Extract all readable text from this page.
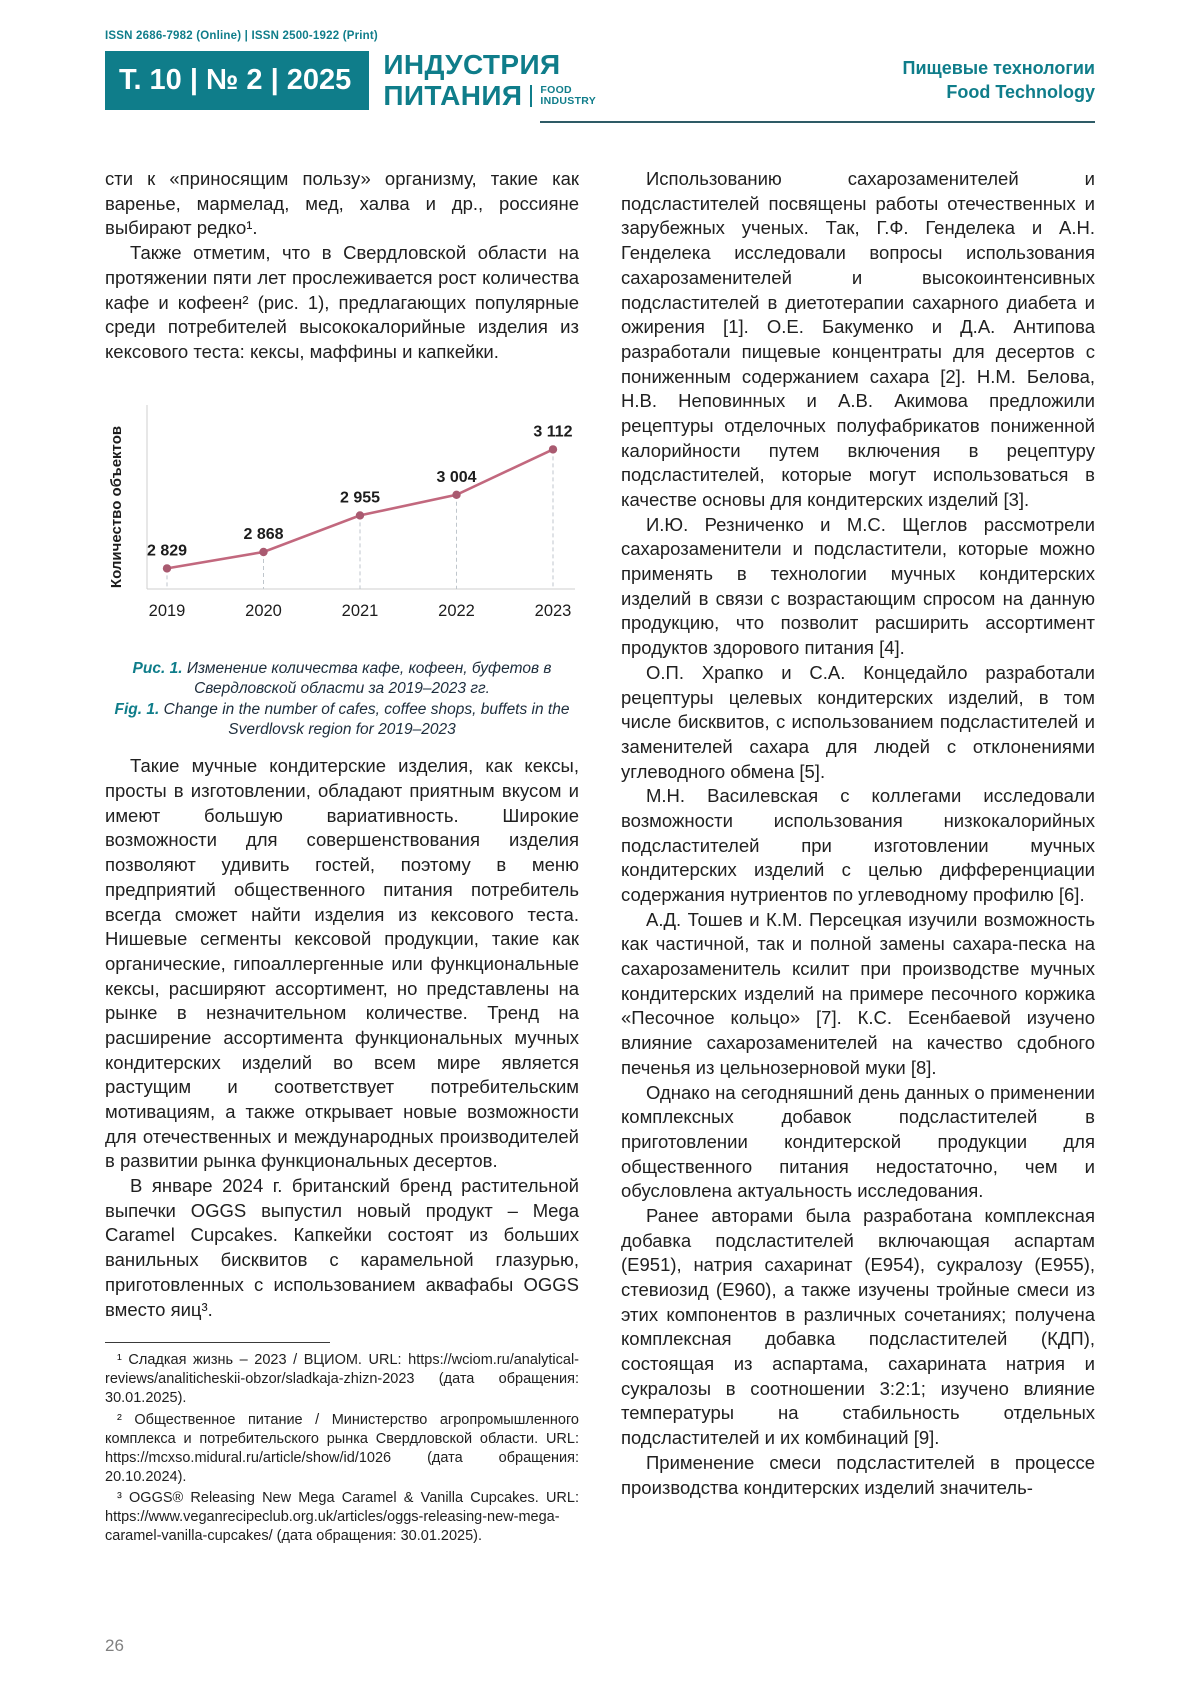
ISSN 2686-7982 (Online) | ISSN 2500-1922 (Print)
Т. 10 | № 2 | 2025	ИНДУСТРИЯ
ПИТАНИЯ FOOD
INDUSTRY
Пищевые технологии
Food Technology

сти к «приносящим пользу» организму, такие как варенье, мармелад, мед, халва и др., россияне выбирают редко¹.

Также отметим, что в Свердловской области на протяжении пяти лет прослеживается рост количества кафе и кофеен² (рис. 1), предлагающих популярные среди потребителей высококалорийные изделия из кексового теста: кексы, маффины и капкейки.

2 829
2 868
2 955
3 004
3 112
2019	2020	2021	2022	2023
Количество объектов
Рис. 1. Изменение количества кафе, кофеен, буфетов в Свердловской области за 2019–2023 гг.
Fig. 1. Change in the number of cafes, coffee shops, buffets in the Sverdlovsk region for 2019–2023

Такие мучные кондитерские изделия, как кексы, просты в изготовлении, обладают приятным вкусом и имеют большую вариативность. Широкие возможности для совершенствования изделия позволяют удивить гостей, поэтому в меню предприятий общественного питания потребитель всегда сможет найти изделия из кексового теста. Нишевые сегменты кексовой продукции, такие как органические, гипоаллергенные или функциональные кексы, расширяют ассортимент, но представлены на рынке в незначительном количестве. Тренд на расширение ассортимента функциональных мучных кондитерских изделий во всем мире является растущим и соответствует потребительским мотивациям, а также открывает новые возможности для отечественных и международных производителей в развитии рынка функциональных десертов.

В январе 2024 г. британский бренд растительной выпечки OGGS выпустил новый продукт – Mega Caramel Cupcakes. Капкейки состоят из больших ванильных бисквитов с карамельной глазурью, приготовленных с использованием аквафабы OGGS вместо яиц³.

¹ Сладкая жизнь – 2023 / ВЦИОМ. URL: https://wciom.ru/analytical-reviews/analiticheskii-obzor/sladkaja-zhizn-2023 (дата обращения: 30.01.2025).

² Общественное питание / Министерство агропромышленного комплекса и потребительского рынка Свердловской области. URL: https://mcxso.midural.ru/article/show/id/1026 (дата обращения: 20.10.2024).

³ OGGS® Releasing New Mega Caramel & Vanilla Cupcakes. URL: https://www.veganrecipeclub.org.uk/articles/oggs-releasing-new-mega-caramel-vanilla-cupcakes/ (дата обращения: 30.01.2025).

Использованию сахарозаменителей и подсластителей посвящены работы отечественных и зарубежных ученых. Так, Г.Ф. Генделека и А.Н. Генделека исследовали вопросы использования сахарозаменителей и высокоинтенсивных подсластителей в диетотерапии сахарного диабета и ожирения [1]. О.Е. Бакуменко и Д.А. Антипова разработали пищевые концентраты для десертов с пониженным содержанием сахара [2]. Н.М. Белова, Н.В. Неповинных и А.В. Акимова предложили рецептуры отделочных полуфабрикатов пониженной калорийности путем включения в рецептуру подсластителей, которые могут использоваться в качестве основы для кондитерских изделий [3].

И.Ю. Резниченко и М.С. Щеглов рассмотрели сахарозаменители и подсластители, которые можно применять в технологии мучных кондитерских изделий в связи с возрастающим спросом на данную продукцию, что позволит расширить ассортимент продуктов здорового питания [4].

О.П. Храпко и С.А. Концедайло разработали рецептуры целевых кондитерских изделий, в том числе бисквитов, с использованием подсластителей и заменителей сахара для людей с отклонениями углеводного обмена [5].

М.Н. Василевская с коллегами исследовали возможности использования низкокалорийных подсластителей при изготовлении мучных кондитерских изделий с целью дифференциации содержания нутриентов по углеводному профилю [6].

А.Д. Тошев и К.М. Персецкая изучили возможность как частичной, так и полной замены сахара-песка на сахарозаменитель ксилит при производстве мучных кондитерских изделий на примере песочного коржика «Песочное кольцо» [7]. К.С. Есенбаевой изучено влияние сахарозаменителей на качество сдобного печенья из цельнозерновой муки [8].

Однако на сегодняшний день данных о применении комплексных добавок подсластителей в приготовлении кондитерской продукции для общественного питания недостаточно, чем и обусловлена актуальность исследования.

Ранее авторами была разработана комплексная добавка подсластителей включающая аспартам (Е951), натрия сахаринат (Е954), сукралозу (Е955), стевиозид (Е960), а также изучены тройные смеси из этих компонентов в различных сочетаниях; получена комплексная добавка подсластителей (КДП), состоящая из аспартама, сахарината натрия и сукралозы в соотношении 3:2:1; изучено влияние температуры на стабильность отдельных подсластителей и их комбинаций [9].

Применение смеси подсластителей в процессе производства кондитерских изделий значитель-

26
